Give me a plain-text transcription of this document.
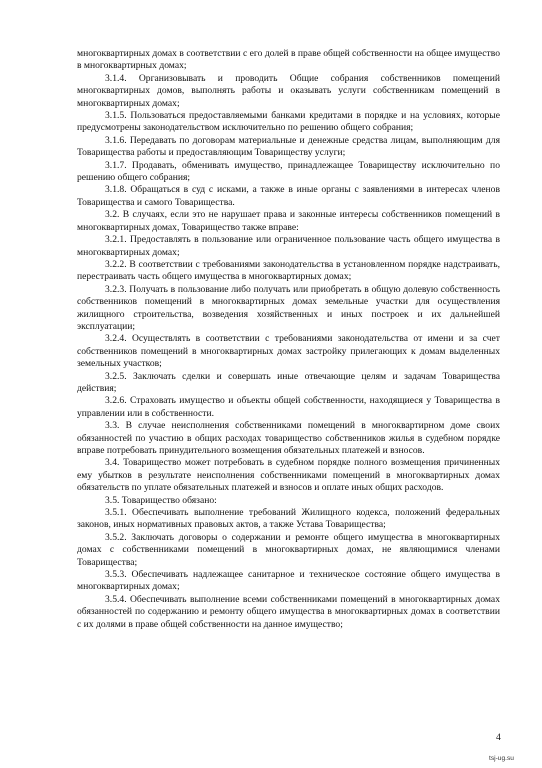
многоквартирных домах в соответствии с его долей в праве общей собственности на общее имущество в многоквартирных домах;

3.1.4. Организовывать и проводить Общие собрания собственников помещений многоквартирных домов, выполнять работы и оказывать услуги собственникам помещений в многоквартирных домах;

3.1.5. Пользоваться предоставляемыми банками кредитами в порядке и на условиях, которые предусмотрены законодательством исключительно по решению общего собрания;

3.1.6. Передавать по договорам материальные и денежные средства лицам, выполняющим для Товарищества работы и предоставляющим Товариществу услуги;

3.1.7. Продавать, обменивать имущество, принадлежащее Товариществу исключительно по решению общего собрания;

3.1.8. Обращаться в суд с исками, а также в иные органы с заявлениями в интересах членов Товарищества и самого Товарищества.

3.2. В случаях, если это не нарушает права и законные интересы собственников помещений в многоквартирных домах, Товарищество также вправе:

3.2.1. Предоставлять в пользование или ограниченное пользование часть общего имущества в многоквартирных домах;

3.2.2. В соответствии с требованиями законодательства в установленном порядке надстраивать, перестраивать часть общего имущества в многоквартирных домах;

3.2.3. Получать в пользование либо получать или приобретать в общую долевую собственность собственников помещений в многоквартирных домах земельные участки для осуществления жилищного строительства, возведения хозяйственных и иных построек и их дальнейшей эксплуатации;

3.2.4. Осуществлять в соответствии с требованиями законодательства от имени и за счет собственников помещений в многоквартирных домах застройку прилегающих к домам выделенных земельных участков;

3.2.5. Заключать сделки и совершать иные отвечающие целям и задачам Товарищества действия;

3.2.6. Страховать имущество и объекты общей собственности, находящиеся у Товарищества в управлении или в собственности.

3.3. В случае неисполнения собственниками помещений в многоквартирном доме своих обязанностей по участию в общих расходах товарищество собственников жилья в судебном порядке вправе потребовать принудительного возмещения обязательных платежей и взносов.

3.4. Товарищество может потребовать в судебном порядке полного возмещения причиненных ему убытков в результате неисполнения собственниками помещений в многоквартирных домах обязательств по уплате обязательных платежей и взносов и оплате иных общих расходов.

3.5. Товарищество обязано:

3.5.1. Обеспечивать выполнение требований Жилищного кодекса, положений федеральных законов, иных нормативных правовых актов, а также Устава Товарищества;

3.5.2. Заключать договоры о содержании и ремонте общего имущества в многоквартирных домах с собственниками помещений в многоквартирных домах, не являющимися членами Товарищества;

3.5.3. Обеспечивать надлежащее санитарное и техническое состояние общего имущества в многоквартирных домах;

3.5.4. Обеспечивать выполнение всеми собственниками помещений в многоквартирных домах обязанностей по содержанию и ремонту общего имущества в многоквартирных домах в соответствии с их долями в праве общей собственности на данное имущество;

4
tsj-ug.su
